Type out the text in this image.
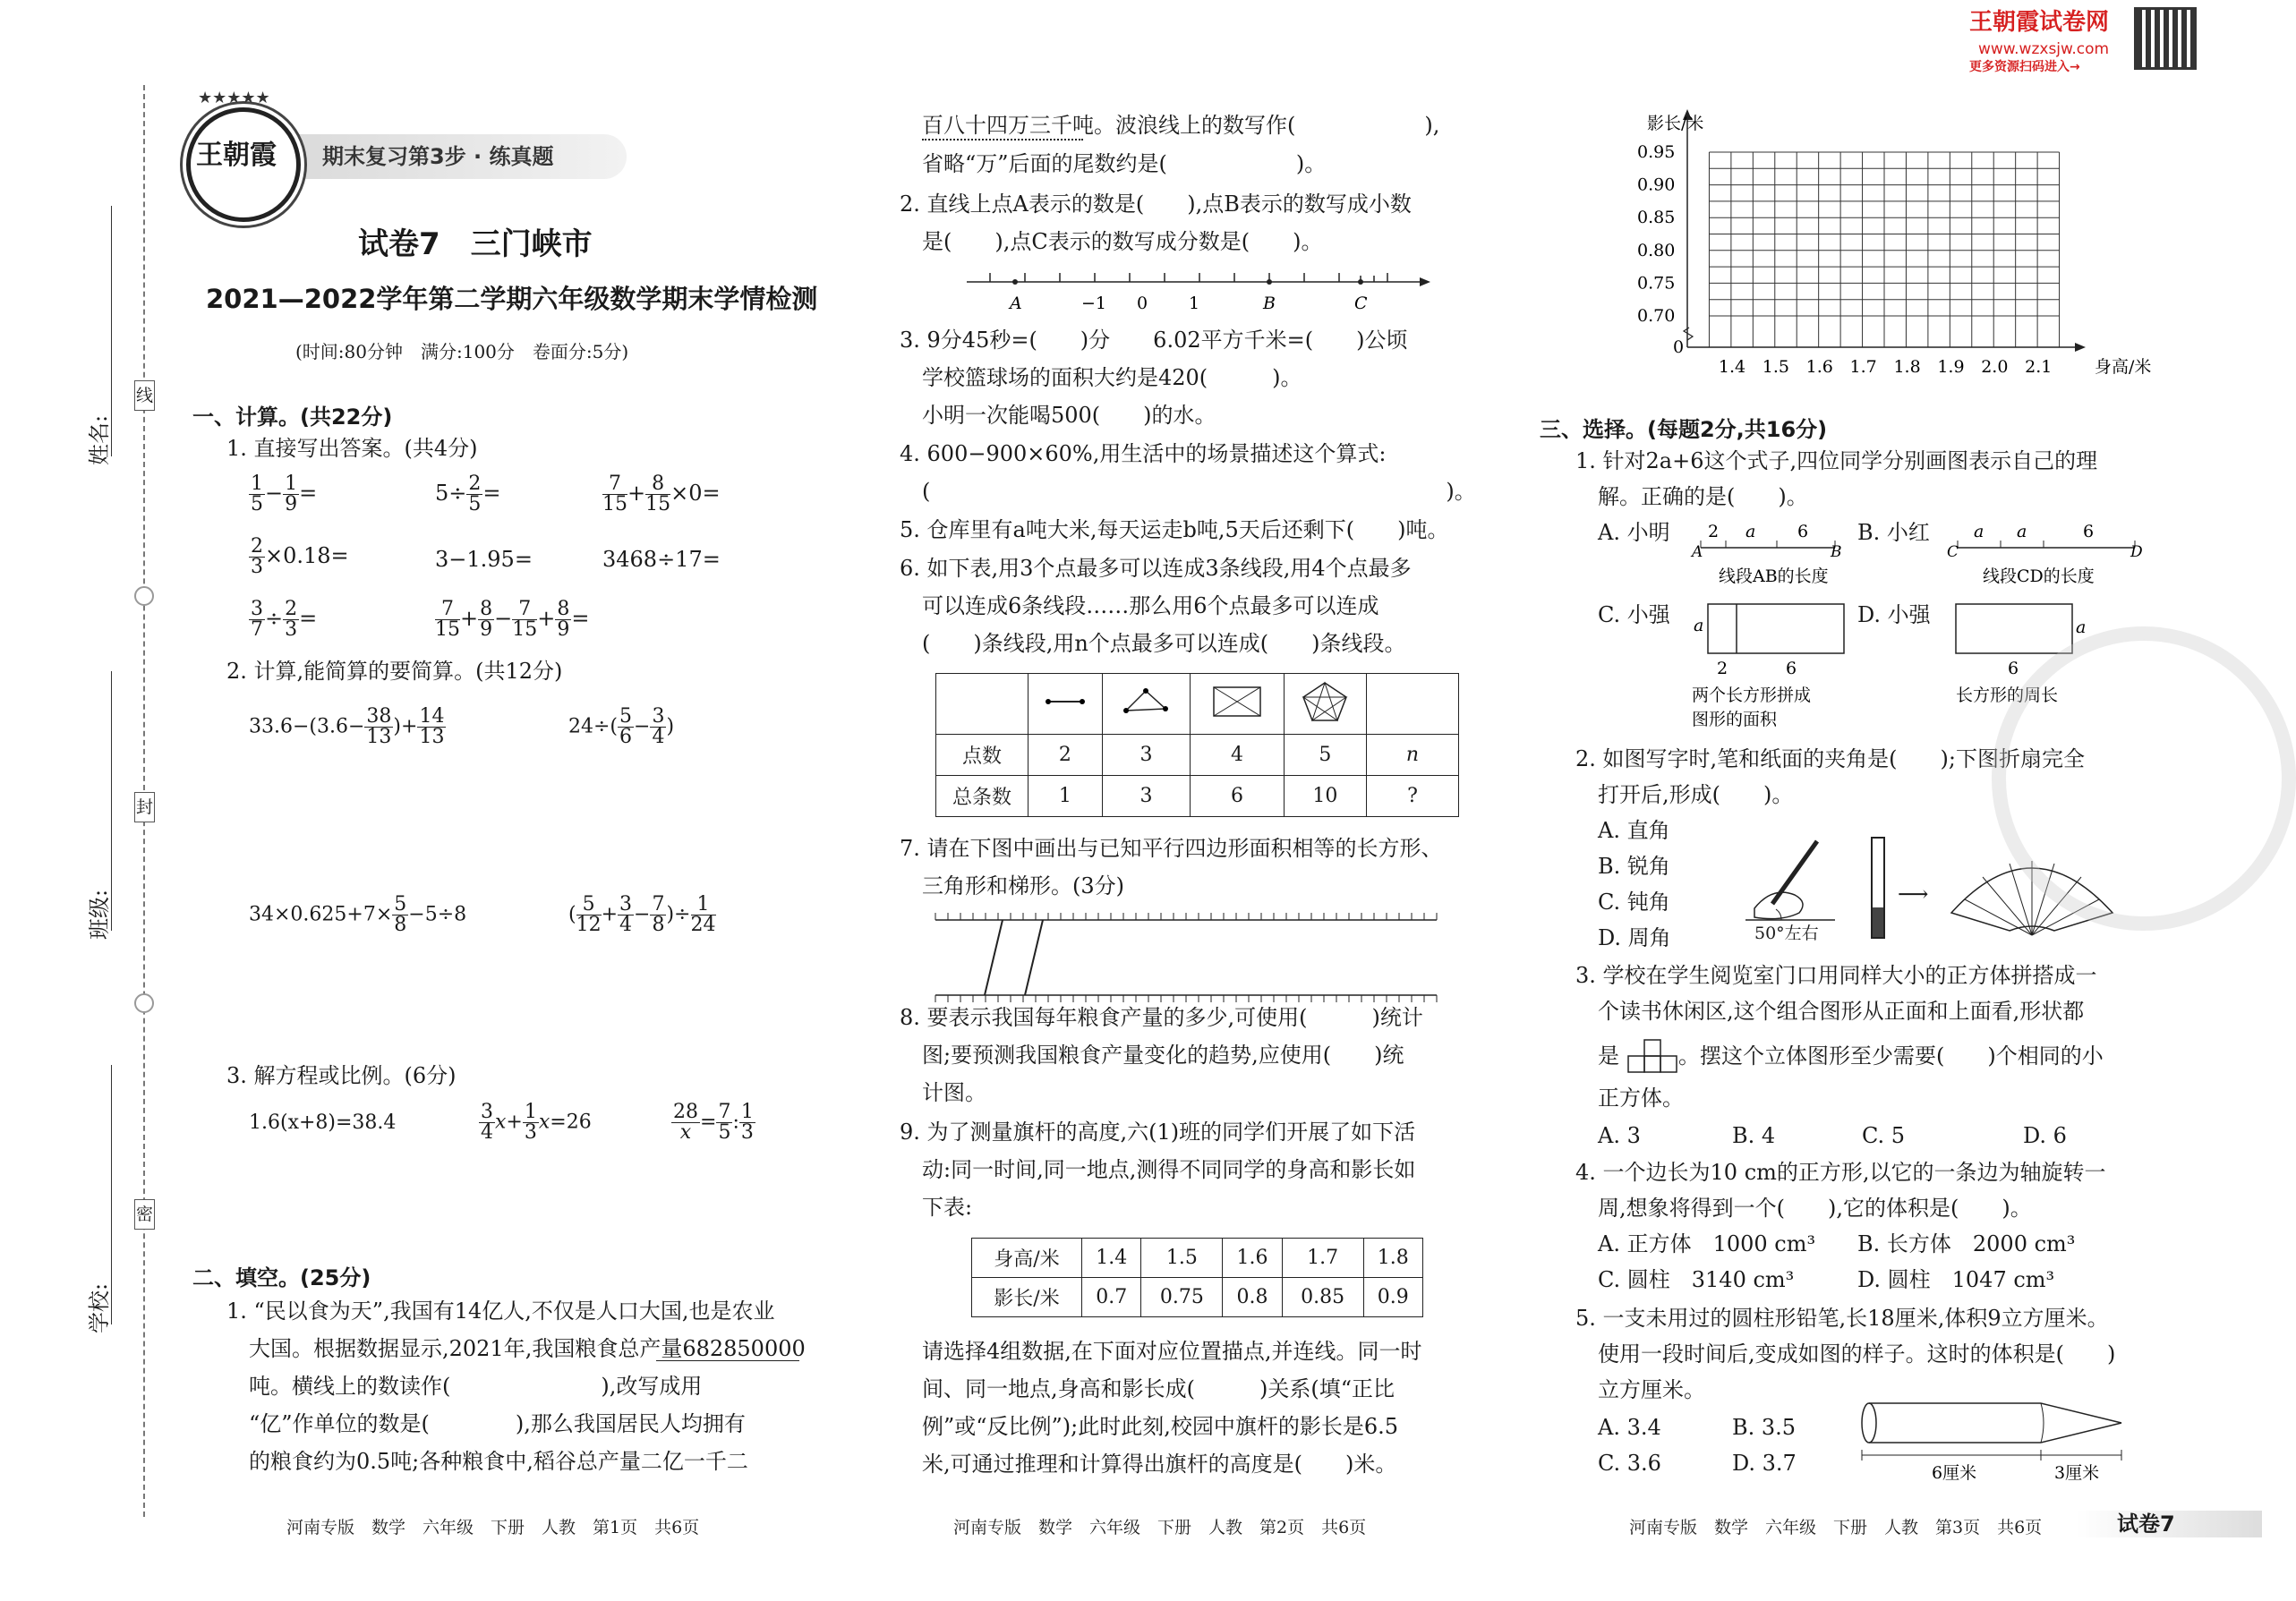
姓名:
班级:
学校:
线
封
密
期末复习第3步 · 练真题
★★★★★
王朝霞
王朝霞试卷网
www.wzxsjw.com
更多资源扫码进入→
试卷7　三门峡市
2021—2022学年第二学期六年级数学期末学情检测
(时间:80分钟　满分:100分　卷面分:5分)
一、计算。(共22分)
1. 直接写出答案。(共4分)
$\frac{1}{5} - \frac{1}{9}$ =	$5\div \frac{2}{5}$ =	$\frac{7}{15} + \frac{8}{15} \times 0=$
$\frac{2}{3} \times 0.18=$	3−1.95=	3468÷17=
$\frac{3}{7} \div \frac{2}{3}$ =	$\frac{7}{15} + \frac{8}{9} - \frac{7}{15} + \frac{8}{9}$ =
2. 计算,能简算的要简算。(共12分)
$33.6-(3.6- \frac{38}{13}$ )+ $\frac{14}{13}$	$24\div( \frac{5}{6} - \frac{3}{4}$ )
$34\times 0.625+7\times \frac{5}{8} -5\div 8$	( $\frac{5}{12} + \frac{3}{4} - \frac{7}{8}$ )÷ $\frac{1}{24}$
3. 解方程或比例。(6分)
1.6(x+8)=38.4	$\frac{3}{4} x+ \frac{1}{3} x=26$	$\frac{28}{x} = \frac{7}{5}$ : $\frac{1}{3}$
二、填空。(25分)
1. “民以食为天”,我国有14亿人,不仅是人口大国,也是农业
大国。根据数据显示,2021年,我国粮食总产量682850000
吨。横线上的数读作(　　　　　　　),改写成用
“亿”作单位的数是(　　　　),那么我国居民人均拥有
的粮食约为0.5吨;各种粮食中,稻谷总产量二亿一千二
河南专版　数学　六年级　下册　人教　第1页　共6页
百八十四万三千吨。波浪线上的数写作(　　　　　　),
省略“万”后面的尾数约是(　　　　　　)。
2. 直线上点A表示的数是(　　),点B表示的数写成小数
是(　　),点C表示的数写成分数是(　　)。
A	−1 0 1	B	C
3. 9分45秒=(　　)分　　6.02平方千米=(　　)公顷
学校篮球场的面积大约是420(　　　)。
小明一次能喝500(　　)的水。
4. 600−900×60%,用生活中的场景描述这个算式:
(　　　　　　　　　　　　　　　　　　　　　　　　)。
5. 仓库里有a吨大米,每天运走b吨,5天后还剩下(　　)吨。
6. 如下表,用3个点最多可以连成3条线段,用4个点最多
可以连成6条线段……那么用6个点最多可以连成
(　　)条线段,用n个点最多可以连成(　　)条线段。

点数	2	3	4	5	n
总条数	1	3	6	10	?
7. 请在下图中画出与已知平行四边形面积相等的长方形、
三角形和梯形。(3分)
8. 要表示我国每年粮食产量的多少,可使用(　　　)统计
图;要预测我国粮食产量变化的趋势,应使用(　　)统
计图。
9. 为了测量旗杆的高度,六(1)班的同学们开展了如下活
动:同一时间,同一地点,测得不同同学的身高和影长如
下表:
身高/米	1.4	1.5	1.6	1.7	1.8
影长/米	0.7	0.75	0.8	0.85	0.9
请选择4组数据,在下面对应位置描点,并连线。同一时
间、同一地点,身高和影长成(　　　)关系(填“正比
例”或“反比例”);此时此刻,校园中旗杆的影长是6.5
米,可通过推理和计算得出旗杆的高度是(　　)米。
河南专版　数学　六年级　下册　人教　第2页　共6页
1.4 1.5 1.6 1.7 1.8 1.9 2.0 2.1
0.95
0.90
0.85
0.80
0.75
0.70
0
影长/米
身高/米
三、选择。(每题2分,共16分)
1. 针对2a+6这个式子,四位同学分别画图表示自己的理
解。正确的是(　　)。
A. 小明 2 a 6
A	B
线段AB的长度
B. 小红	a a	6
C	D
线段CD的长度
C. 小强 a
2	6
两个长方形拼成
图形的面积
D. 小强	a
6
长方形的周长
2. 如图写字时,笔和纸面的夹角是(　　);下图折扇完全
打开后,形成(　　)。
A. 直角
B. 锐角
C. 钝角
D. 周角	50°左右
⟶
3. 学校在学生阅览室门口用同样大小的正方体拼搭成一
个读书休闲区,这个组合图形从正面和上面看,形状都
是	。摆这个立体图形至少需要(　　)个相同的小
正方体。
A. 3	B. 4	C. 5	D. 6
4. 一个边长为10 cm的正方形,以它的一条边为轴旋转一
周,想象将得到一个(　　),它的体积是(　　)。
A. 正方体　1000 cm³ B. 长方体　2000 cm³
C. 圆柱　3140 cm³	D. 圆柱　1047 cm³
5. 一支未用过的圆柱形铅笔,长18厘米,体积9立方厘米。
使用一段时间后,变成如图的样子。这时的体积是(　　)
立方厘米。
A. 3.4	B. 3.5
C. 3.6	D. 3.7	6厘米	3厘米
河南专版　数学　六年级　下册　人教　第3页　共6页	试卷7
